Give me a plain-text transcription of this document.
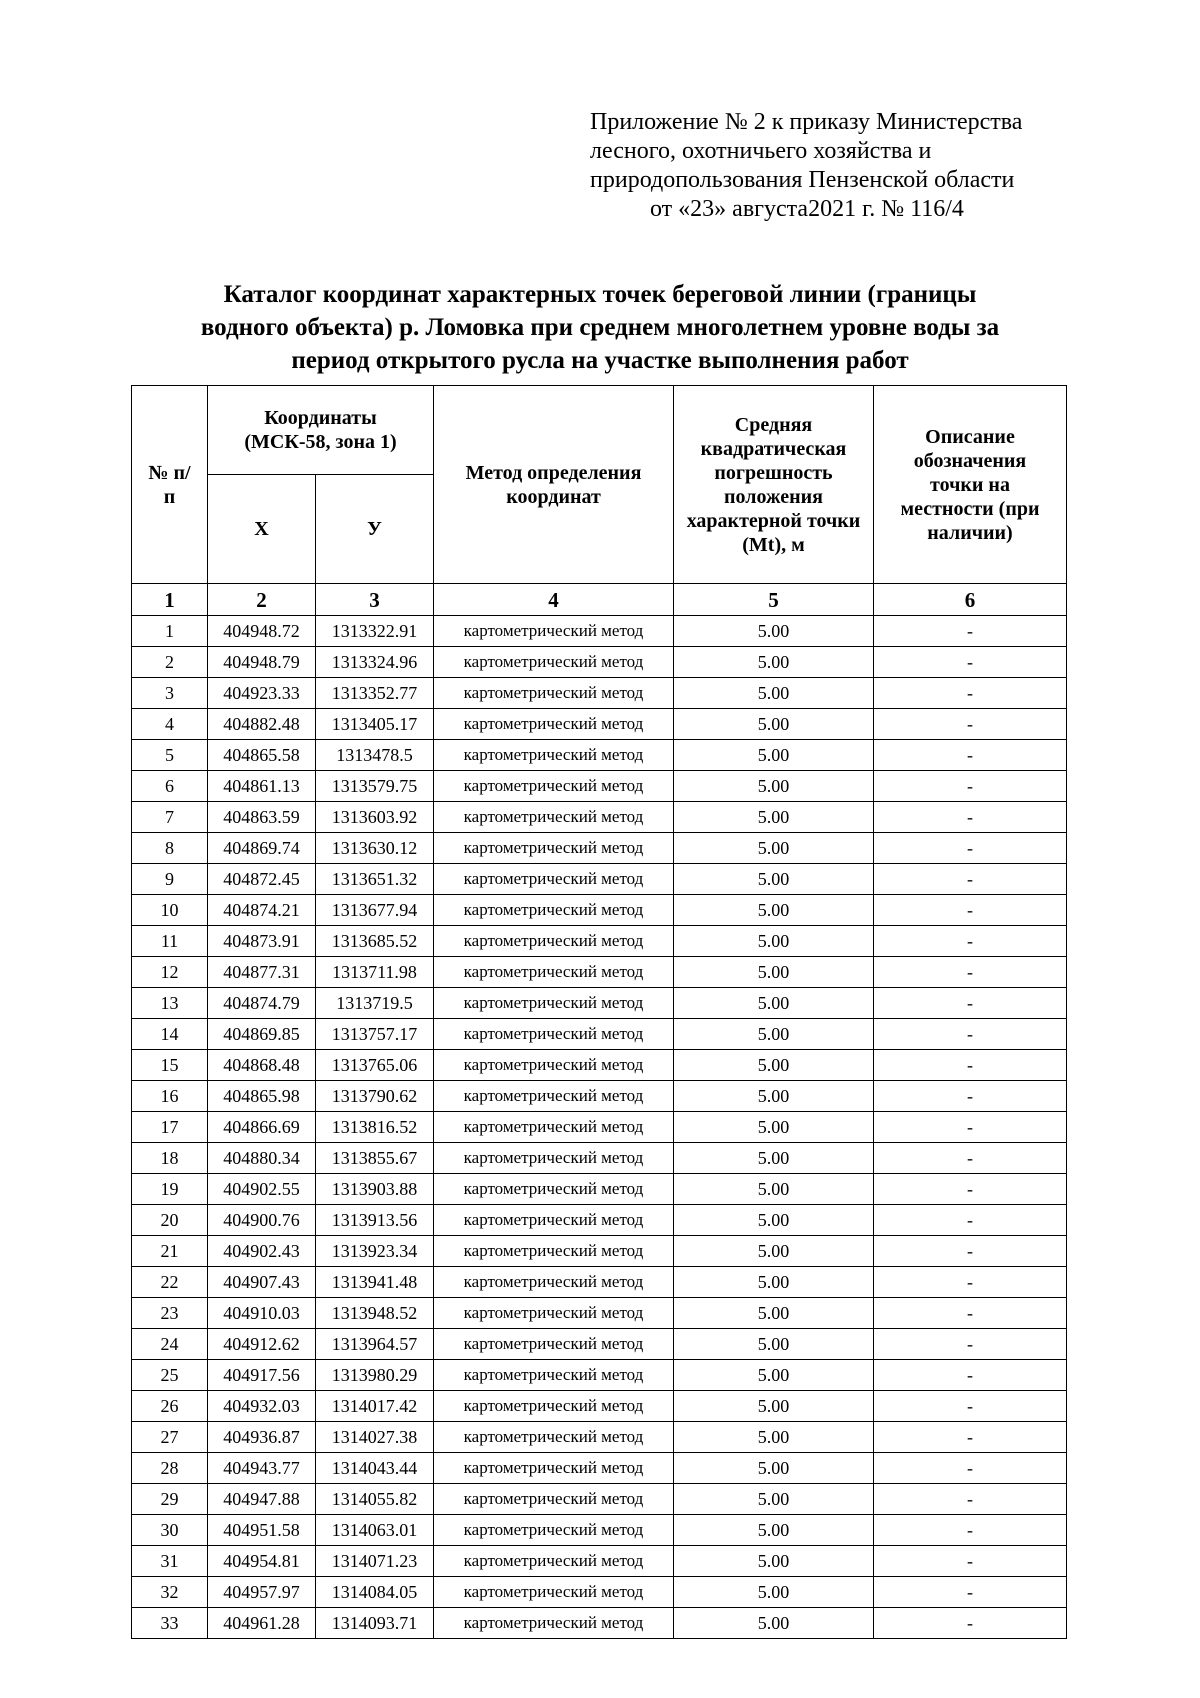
Приложение № 2 к приказу Министерства
лесного, охотничьего хозяйства и
природопользования Пензенской области
от «23» августа2021 г. № 116/4
Каталог координат характерных точек береговой линии (границы
водного объекта) р. Ломовка при среднем многолетнем уровне воды за
период открытого русла на участке выполнения работ
№ п/п	Координаты (МСК-58, зона 1)		Метод определения координат	Средняя квадратическая погрешность положения характерной точки (Mt), м	Описание обозначения точки на местности (при наличии)

	Х	У			
1	2	3	4	5	6
1	404948.72	1313322.91	картометрический метод	5.00	-
2	404948.79	1313324.96	картометрический метод	5.00	-
3	404923.33	1313352.77	картометрический метод	5.00	-
4	404882.48	1313405.17	картометрический метод	5.00	-
5	404865.58	1313478.5	картометрический метод	5.00	-
6	404861.13	1313579.75	картометрический метод	5.00	-
7	404863.59	1313603.92	картометрический метод	5.00	-
8	404869.74	1313630.12	картометрический метод	5.00	-
9	404872.45	1313651.32	картометрический метод	5.00	-
10	404874.21	1313677.94	картометрический метод	5.00	-
11	404873.91	1313685.52	картометрический метод	5.00	-
12	404877.31	1313711.98	картометрический метод	5.00	-
13	404874.79	1313719.5	картометрический метод	5.00	-
14	404869.85	1313757.17	картометрический метод	5.00	-
15	404868.48	1313765.06	картометрический метод	5.00	-
16	404865.98	1313790.62	картометрический метод	5.00	-
17	404866.69	1313816.52	картометрический метод	5.00	-
18	404880.34	1313855.67	картометрический метод	5.00	-
19	404902.55	1313903.88	картометрический метод	5.00	-
20	404900.76	1313913.56	картометрический метод	5.00	-
21	404902.43	1313923.34	картометрический метод	5.00	-
22	404907.43	1313941.48	картометрический метод	5.00	-
23	404910.03	1313948.52	картометрический метод	5.00	-
24	404912.62	1313964.57	картометрический метод	5.00	-
25	404917.56	1313980.29	картометрический метод	5.00	-
26	404932.03	1314017.42	картометрический метод	5.00	-
27	404936.87	1314027.38	картометрический метод	5.00	-
28	404943.77	1314043.44	картометрический метод	5.00	-
29	404947.88	1314055.82	картометрический метод	5.00	-
30	404951.58	1314063.01	картометрический метод	5.00	-
31	404954.81	1314071.23	картометрический метод	5.00	-
32	404957.97	1314084.05	картометрический метод	5.00	-
33	404961.28	1314093.71	картометрический метод	5.00	-
